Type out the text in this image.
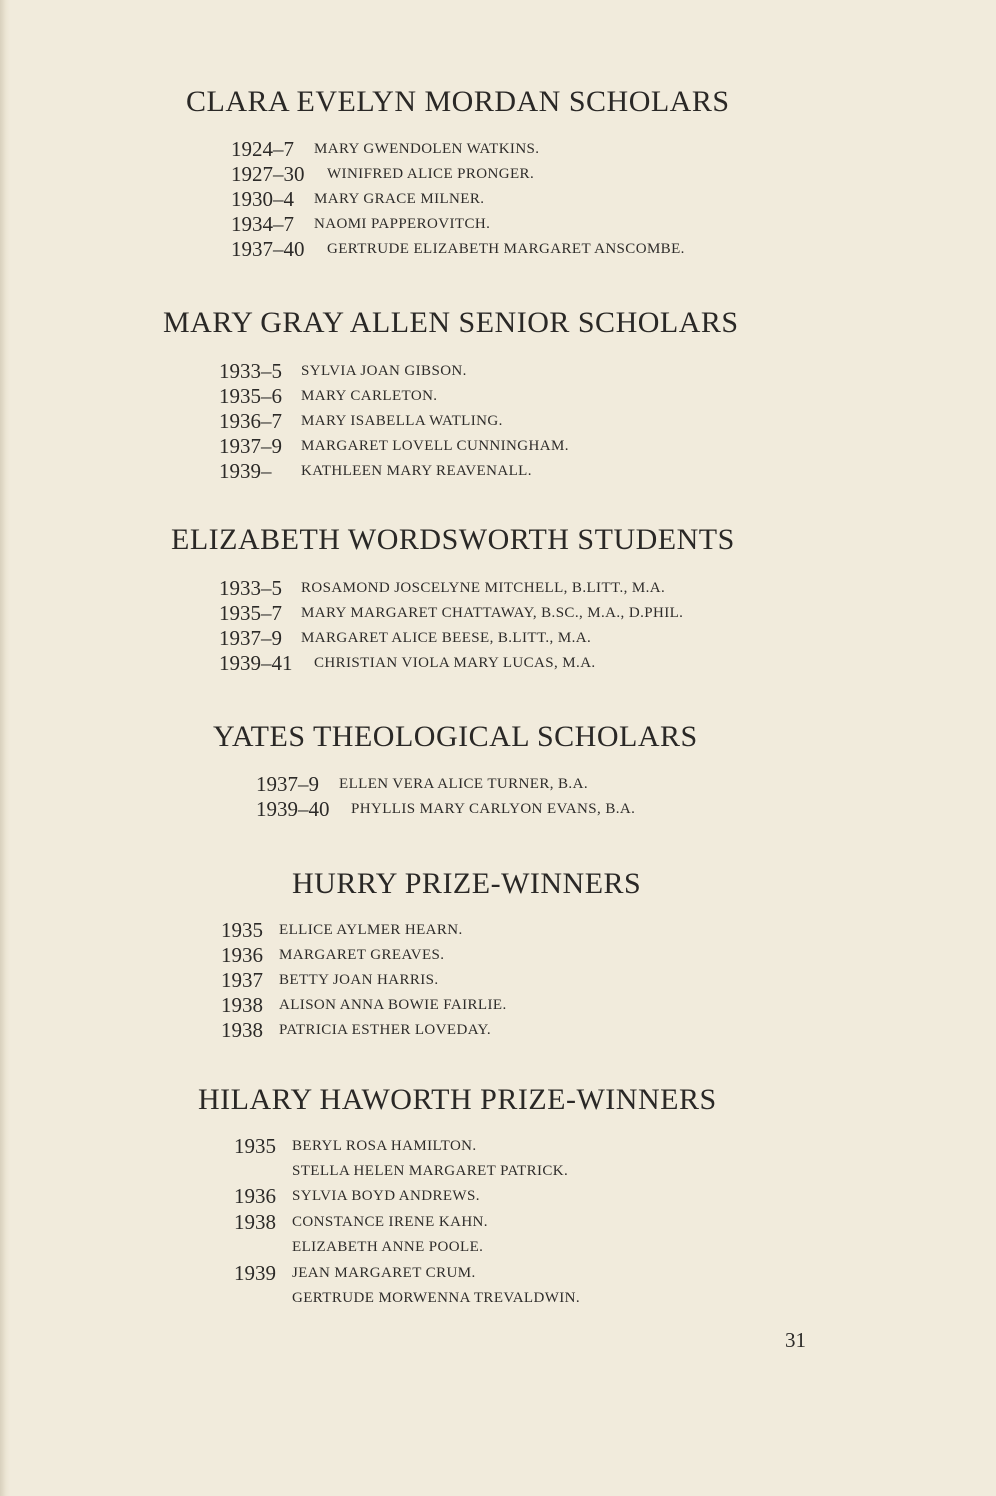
CLARA EVELYN MORDAN SCHOLARS
1924–7 MARY GWENDOLEN WATKINS.
1927–30 WINIFRED ALICE PRONGER.
1930–4 MARY GRACE MILNER.
1934–7 NAOMI PAPPEROVITCH.
1937–40 GERTRUDE ELIZABETH MARGARET ANSCOMBE.
MARY GRAY ALLEN SENIOR SCHOLARS
1933–5 SYLVIA JOAN GIBSON.
1935–6 MARY CARLETON.
1936–7 MARY ISABELLA WATLING.
1937–9 MARGARET LOVELL CUNNINGHAM.
1939– KATHLEEN MARY REAVENALL.
ELIZABETH WORDSWORTH STUDENTS
1933–5 ROSAMOND JOSCELYNE MITCHELL, B.LITT., M.A.
1935–7 MARY MARGARET CHATTAWAY, B.SC., M.A., D.PHIL.
1937–9 MARGARET ALICE BEESE, B.LITT., M.A.
1939–41 CHRISTIAN VIOLA MARY LUCAS, M.A.
YATES THEOLOGICAL SCHOLARS
1937–9 ELLEN VERA ALICE TURNER, B.A.
1939–40 PHYLLIS MARY CARLYON EVANS, B.A.
HURRY PRIZE-WINNERS
1935 ELLICE AYLMER HEARN.
1936 MARGARET GREAVES.
1937 BETTY JOAN HARRIS.
1938 ALISON ANNA BOWIE FAIRLIE.
1938 PATRICIA ESTHER LOVEDAY.
HILARY HAWORTH PRIZE-WINNERS
1935 BERYL ROSA HAMILTON.
STELLA HELEN MARGARET PATRICK.
1936 SYLVIA BOYD ANDREWS.
1938 CONSTANCE IRENE KAHN.
ELIZABETH ANNE POOLE.
1939 JEAN MARGARET CRUM.
GERTRUDE MORWENNA TREVALDWIN.
31
